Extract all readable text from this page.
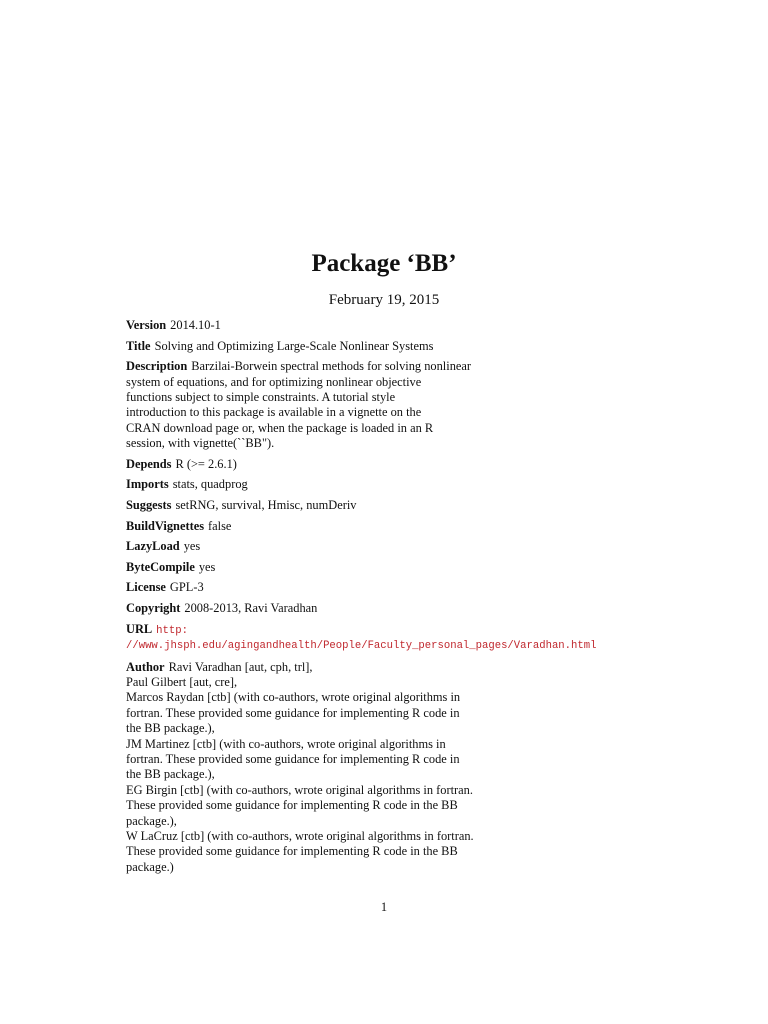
Package ‘BB’

February 19, 2015

Version 2014.10-1

Title Solving and Optimizing Large-Scale Nonlinear Systems

Description Barzilai-Borwein spectral methods for solving nonlinear
system of equations, and for optimizing nonlinear objective
functions subject to simple constraints. A tutorial style
introduction to this package is available in a vignette on the
CRAN download page or, when the package is loaded in an R
session, with vignette(``BB").

Depends R (>= 2.6.1)

Imports stats, quadprog

Suggests setRNG, survival, Hmisc, numDeriv

BuildVignettes false

LazyLoad yes

ByteCompile yes

License GPL-3

Copyright 2008-2013, Ravi Varadhan

URL http:
//www.jhsph.edu/agingandhealth/People/Faculty_personal_pages/Varadhan.html

Author Ravi Varadhan [aut, cph, trl],
Paul Gilbert [aut, cre],
Marcos Raydan [ctb] (with co-authors, wrote original algorithms in
fortran. These provided some guidance for implementing R code in
the BB package.),
JM Martinez [ctb] (with co-authors, wrote original algorithms in
fortran. These provided some guidance for implementing R code in
the BB package.),
EG Birgin [ctb] (with co-authors, wrote original algorithms in fortran.
These provided some guidance for implementing R code in the BB
package.),
W LaCruz [ctb] (with co-authors, wrote original algorithms in fortran.
These provided some guidance for implementing R code in the BB
package.)

1
